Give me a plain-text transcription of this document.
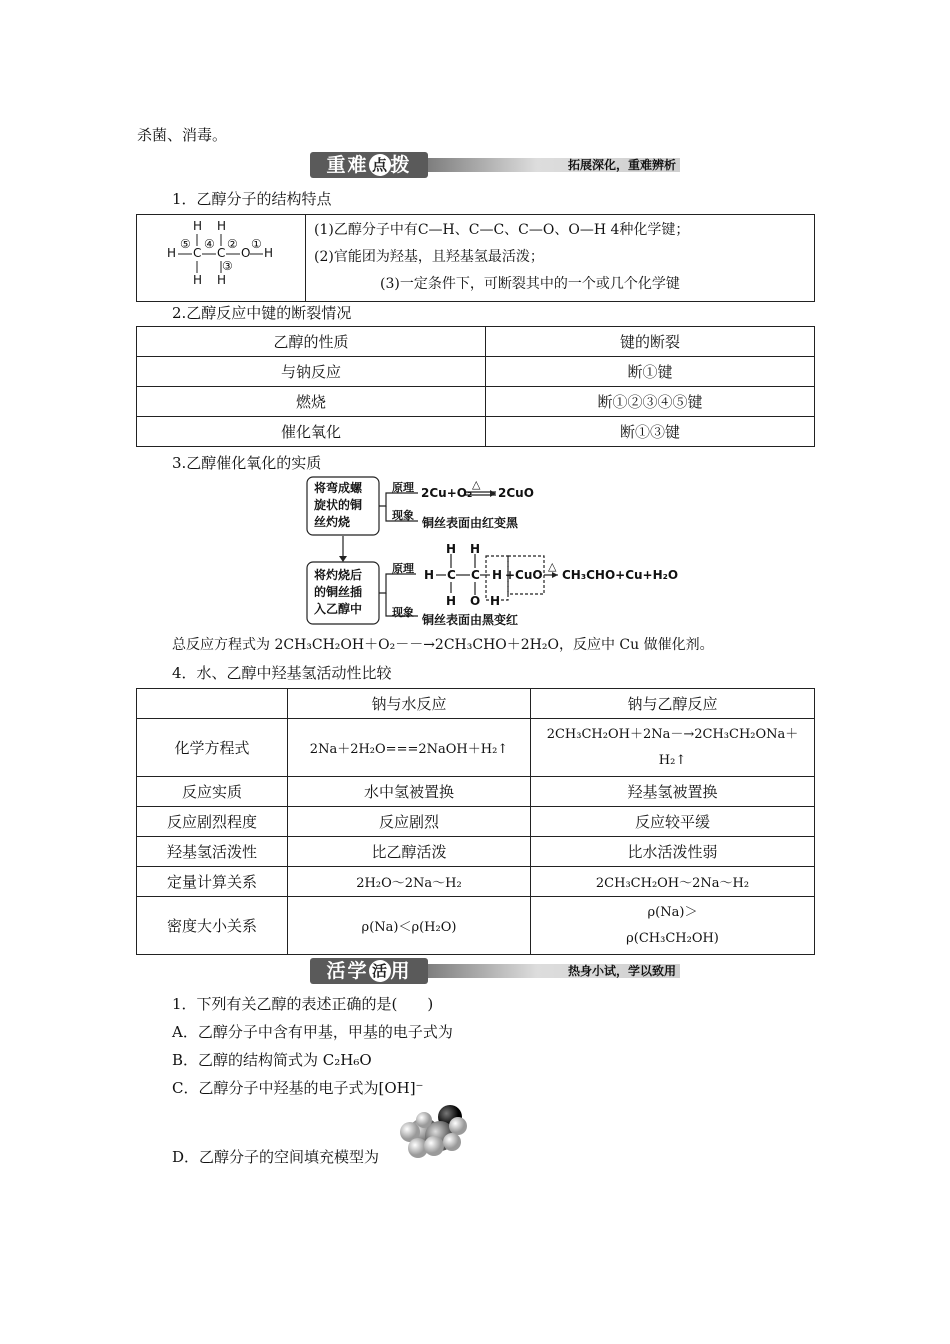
杀菌、消毒。
重难 点 拨	拓展深化，重难辨析
1．乙醇分子的结构特点
H H
⑤ ④ ② ①
H C C O H
③
H H

(1)乙醇分子中有C—H、C—C、C—O、O—H 4种化学键；
(2)官能团为羟基，且羟基氢最活泼；
(3)一定条件下，可断裂其中的一个或几个化学键
2.乙醇反应中键的断裂情况
乙醇的性质	键的断裂
与钠反应	断①键
燃烧	断①②③④⑤键
催化氧化	断①③键
3.乙醇催化氧化的实质
将弯成螺
旋状的铜
丝灼烧
将灼烧后
的铜丝插
入乙醇中
原理 2Cu+O₂
△
2CuO
现象
铜丝表面由红变黑
原理
H H
H C C H +CuO
H O H
△
CH₃CHO+Cu+H₂O
现象
铜丝表面由黑变红
总反应方程式为 2CH₃CH₂OH＋O₂－－→2CH₃CHO＋2H₂O，反应中 Cu 做催化剂。
4．水、乙醇中羟基氢活动性比较
	钠与水反应	钠与乙醇反应
化学方程式	2Na＋2H₂O===2NaOH＋H₂↑	2CH₃CH₂OH＋2Na－→2CH₃CH₂ONa＋
H₂↑

反应实质	水中氢被置换	羟基氢被置换
反应剧烈程度	反应剧烈	反应较平缓
羟基氢活泼性	比乙醇活泼	比水活泼性弱
定量计算关系	2H₂O～2Na～H₂	2CH₃CH₂OH～2Na～H₂
密度大小关系	ρ(Na)＜ρ(H₂O)	ρ(Na)＞
ρ(CH₃CH₂OH)
活学 活 用	热身小试，学以致用
1．下列有关乙醇的表述正确的是(　　)
A．乙醇分子中含有甲基，甲基的电子式为
B．乙醇的结构简式为 C₂H₆O
C．乙醇分子中羟基的电子式为[OH]⁻
D．乙醇分子的空间填充模型为
